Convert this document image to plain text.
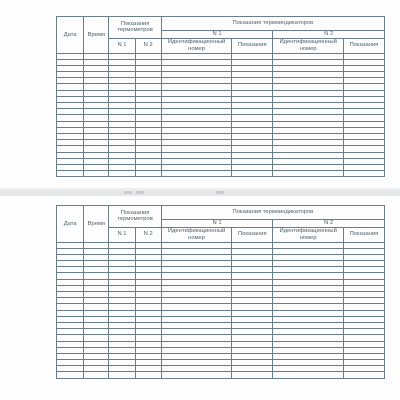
Дата	Время	Показания термометров		Показания термоиндикаторов			
				N 1		N 2	
		N 1	N 2	Идентификационный номер	Показания	Идентификационный номер	Показания

Дата	Время	Показания термометров		Показания термоиндикаторов			
				N 1		N 2	
		N 1	N 2	Идентификационный номер	Показания	Идентификационный номер	Показания
